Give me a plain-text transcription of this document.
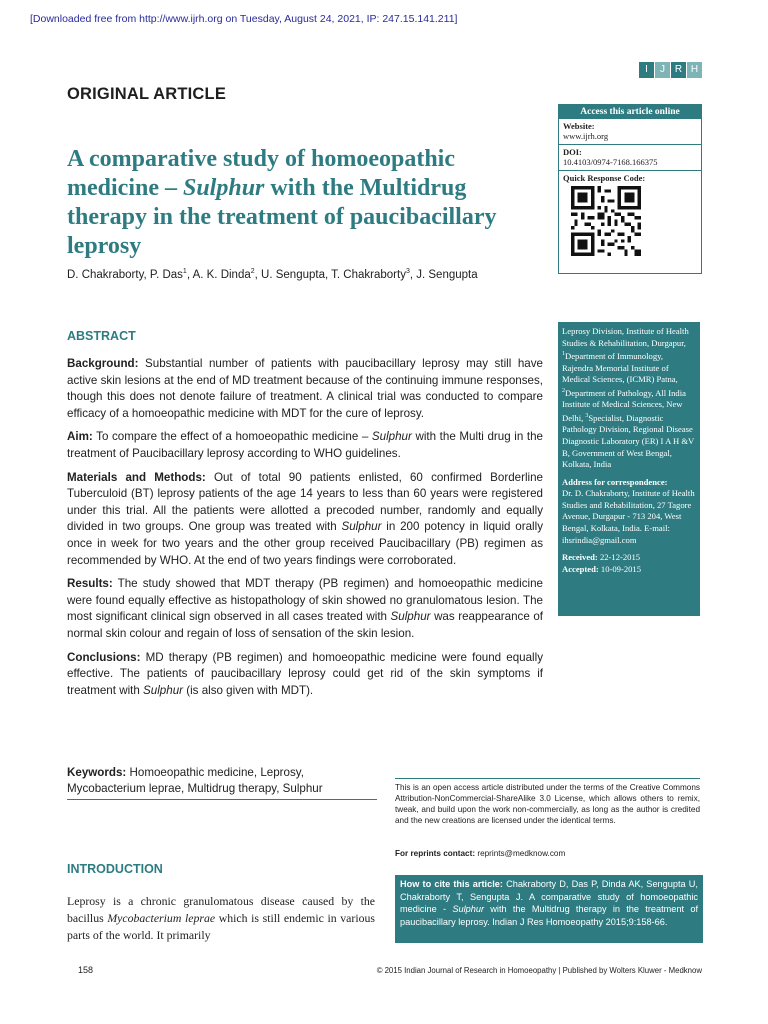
[Downloaded free from http://www.ijrh.org on Tuesday, August 24, 2021, IP: 247.15.141.211]
I	J R H
ORIGINAL ARTICLE
A comparative study of homoeopathic medicine – Sulphur with the Multidrug therapy in the treatment of paucibacillary leprosy
D. Chakraborty, P. Das$^1$, A. K. Dinda$^2$, U. Sengupta, T. Chakraborty$^3$, J. Sengupta
Access this article online
Website:
www.ijrh.org
DOI:
10.4103/0974-7168.166375
Quick Response Code:

Leprosy Division, Institute of Health Studies & Rehabilitation, Durgapur, $^1$Department of Immunology, Rajendra Memorial Institute of Medical Sciences, (ICMR) Patna, $^2$Department of Pathology, All India Institute of Medical Sciences, New Delhi, $^3$Specialist, Diagnostic Pathology Division, Regional Disease Diagnostic Laboratory (ER) I A H &V B, Government of West Bengal, Kolkata, India

Address for correspondence:
Dr. D. Chakraborty, Institute of Health Studies and Rehabilitation, 27 Tagore Avenue, Durgapur - 713 204, West Bengal, Kolkata, India. E-mail: ihsrindia@gmail.com

Received: 22-12-2015
Accepted: 10-09-2015

ABSTRACT

Background: Substantial number of patients with paucibacillary leprosy may still have active skin lesions at the end of MD treatment because of the continuing immune responses, though this does not denote failure of treatment. A clinical trial was conducted to compare efficacy of a homoeopathic medicine with MDT for the cure of leprosy.

Aim: To compare the effect of a homoeopathic medicine – Sulphur with the Multi drug in the treatment of Paucibacillary leprosy according to WHO guidelines.

Materials and Methods: Out of total 90 patients enlisted, 60 confirmed Borderline Tuberculoid (BT) leprosy patients of the age 14 years to less than 60 years were registered under this trial. All the patients were allotted a precoded number, randomly and equally divided in two groups. One group was treated with Sulphur in 200 potency in liquid orally once in week for two years and the other group received Paucibacillary (PB) regimen as recommended by WHO. At the end of two years findings were corroborated.

Results: The study showed that MDT therapy (PB regimen) and homoeopathic medicine were found equally effective as histopathology of skin showed no granulomatous lesion. The most significant clinical sign observed in all cases treated with Sulphur was reappearance of normal skin colour and regain of loss of sensation of the skin lesion.

Conclusions: MD therapy (PB regimen) and homoeopathic medicine were found equally effective. The patients of paucibacillary leprosy could get rid of the skin symptoms if treatment with Sulphur (is also given with MDT).

Keywords: Homoeopathic medicine, Leprosy, Mycobacterium leprae, Multidrug therapy, Sulphur	This is an open access article distributed under the terms of the Creative Commons Attribution-NonCommercial-ShareAlike 3.0 License, which allows others to remix, tweak, and build upon the work non-commercially, as long as the author is credited and the new creations are licensed under the identical terms.
For reprints contact: reprints@medknow.com
How to cite this article: Chakraborty D, Das P, Dinda AK, Sengupta U, Chakraborty T, Sengupta J. A comparative study of homoeopathic medicine - Sulphur with the Multidrug therapy in the treatment of paucibacillary leprosy. Indian J Res Homoeopathy 2015;9:158-66.
INTRODUCTION
Leprosy is a chronic granulomatous disease caused by the bacillus Mycobacterium leprae which is still endemic in various parts of the world. It primarily
158	© 2015 Indian Journal of Research in Homoeopathy | Published by Wolters Kluwer - Medknow
